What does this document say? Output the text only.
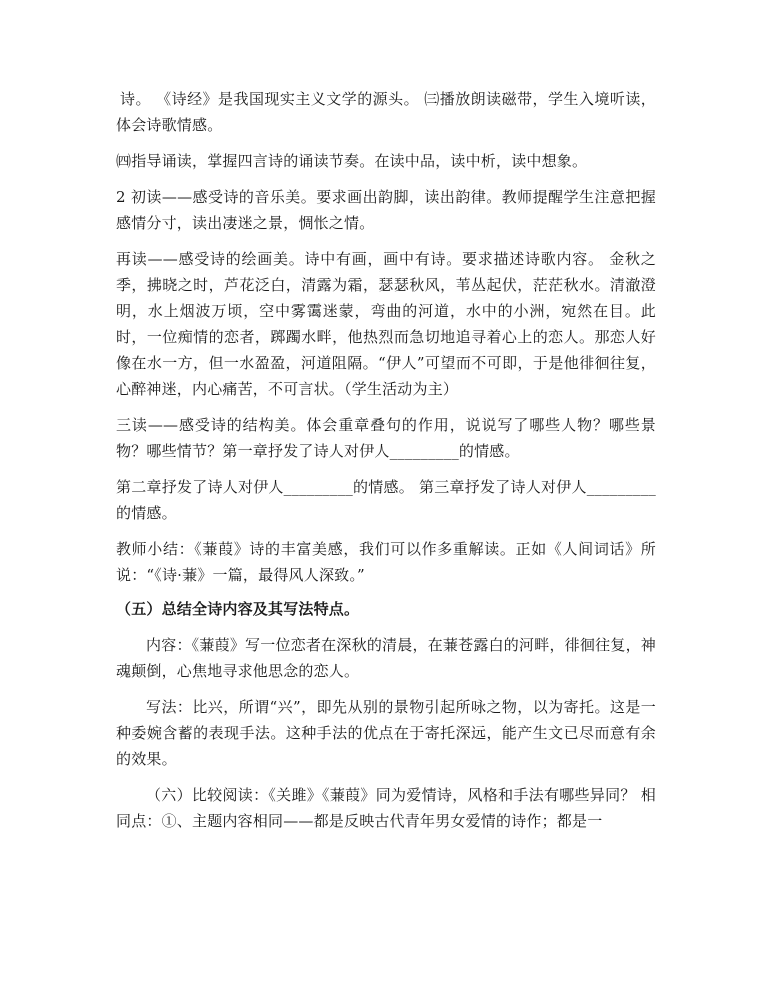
诗。 《诗经》是我国现实主义文学的源头。 ㈢播放朗读磁带，学生入境听读，体会诗歌情感。

㈣指导诵读，掌握四言诗的诵读节奏。在读中品，读中析，读中想象。

2 初读——感受诗的音乐美。要求画出韵脚，读出韵律。教师提醒学生注意把握感情分寸，读出凄迷之景，惆怅之情。

再读——感受诗的绘画美。诗中有画，画中有诗。要求描述诗歌内容。 金秋之季，拂晓之时，芦花泛白，清露为霜，瑟瑟秋风，苇丛起伏，茫茫秋水。清澈澄明，水上烟波万顷，空中雾霭迷蒙，弯曲的河道，水中的小洲，宛然在目。此时，一位痴情的恋者，踯躅水畔，他热烈而急切地追寻着心上的恋人。那恋人好像在水一方，但一水盈盈，河道阻隔。“伊人”可望而不可即，于是他徘徊往复，心醉神迷，内心痛苦，不可言状。（学生活动为主）

三读——感受诗的结构美。体会重章叠句的作用，说说写了哪些人物？哪些景物？哪些情节？第一章抒发了诗人对伊人_________的情感。

第二章抒发了诗人对伊人_________的情感。 第三章抒发了诗人对伊人_________的情感。

教师小结：《蒹葭》诗的丰富美感，我们可以作多重解读。正如《人间词话》所说：“《诗·蒹》一篇，最得风人深致。”

（五）总结全诗内容及其写法特点。

内容：《蒹葭》写一位恋者在深秋的清晨，在蒹苍露白的河畔，徘徊往复，神魂颠倒，心焦地寻求他思念的恋人。

写法：比兴，所谓“兴”，即先从别的景物引起所咏之物，以为寄托。这是一种委婉含蓄的表现手法。这种手法的优点在于寄托深远，能产生文已尽而意有余的效果。

（六）比较阅读：《关雎》《蒹葭》同为爱情诗，风格和手法有哪些异同？ 相同点：①、主题内容相同——都是反映古代青年男女爱情的诗作；都是一
